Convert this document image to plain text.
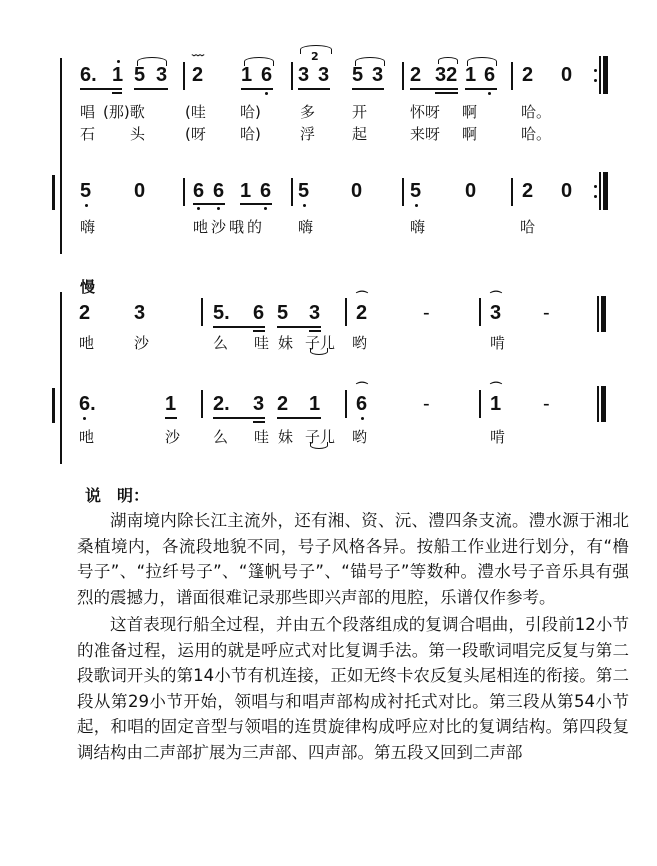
6. 1 5 3
﹋
2 1 6 3
2
3 5 3 2 32 1 6 2 0
唱 (那)歌	(哇 哈)	多 开	怀呀 啊	哈。
石 头	(呀 哈)	浮 起	来呀 啊	哈。
5 0 6 6 1 6 5 0 5 0 2 0
嗨	吔沙哦的 嗨	嗨	哈
慢
2 3	5. 6 5 3
⌒
2	-
⌒
3 -
吔	沙	么 哇 妹 子儿 哟	啃
6.	1 2. 3 2 1
⌒
6	-
⌒
1 -
吔	沙 么 哇 妹 子儿 哟	啃
说　明：

湖南境内除长江主流外，还有湘、资、沅、澧四条支流。澧水源于湘北桑植境内，各流段地貌不同，号子风格各异。按船工作业进行划分，有“橹号子”、“拉纤号子”、“篷帆号子”、“锚号子”等数种。澧水号子音乐具有强烈的震撼力，谱面很难记录那些即兴声部的甩腔，乐谱仅作参考。

这首表现行船全过程，并由五个段落组成的复调合唱曲，引段前12小节的准备过程，运用的就是呼应式对比复调手法。第一段歌词唱完反复与第二段歌词开头的第14小节有机连接，正如无终卡农反复头尾相连的衔接。第二段从第29小节开始，领唱与和唱声部构成衬托式对比。第三段从第54小节起，和唱的固定音型与领唱的连贯旋律构成呼应对比的复调结构。第四段复调结构由二声部扩展为三声部、四声部。第五段又回到二声部
